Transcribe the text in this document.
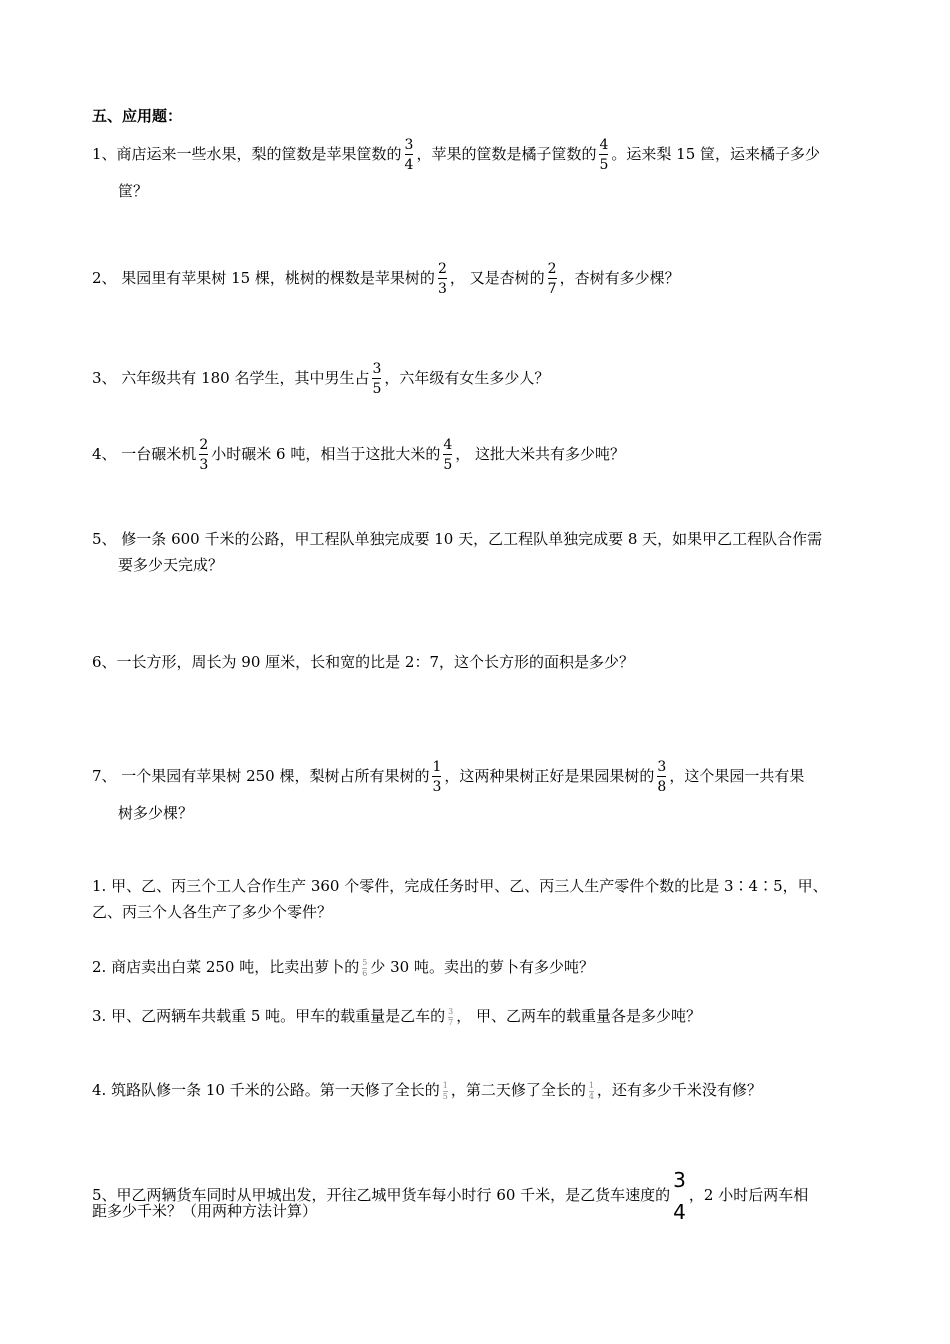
五、应用题：
1、商店运来一些水果，梨的筐数是苹果筐数的 $\frac{3}{4}$ ，苹果的筐数是橘子筐数的 $\frac{4}{5}$ 。运来梨 15 筐，运来橘子多少
筐？
2、 果园里有苹果树 15 棵，桃树的棵数是苹果树的 $\frac{2}{3}$ ， 又是杏树的 $\frac{2}{7}$ ，杏树有多少棵？
3、 六年级共有 180 名学生，其中男生占 $\frac{3}{5}$ ，六年级有女生多少人？
4、 一台碾米机 $\frac{2}{3}$ 小时碾米 6 吨，相当于这批大米的 $\frac{4}{5}$ ， 这批大米共有多少吨？
5、 修一条 600 千米的公路，甲工程队单独完成要 10 天，乙工程队单独完成要 8 天，如果甲乙工程队合作需
要多少天完成？
6、一长方形，周长为 90 厘米，长和宽的比是 2：7，这个长方形的面积是多少？
7、 一个果园有苹果树 250 棵，梨树占所有果树的 $\frac{1}{3}$ ，这两种果树正好是果园果树的 $\frac{3}{8}$ ，这个果园一共有果
树多少棵？
1. 甲、乙、丙三个工人合作生产 360 个零件，完成任务时甲、乙、丙三人生产零件个数的比是 3∶4∶5，甲、
乙、丙三个人各生产了多少个零件？
2. 商店卖出白菜 250 吨，比卖出萝卜的 $\frac{5}{6}$ 少 30 吨。卖出的萝卜有多少吨？
3. 甲、乙两辆车共载重 5 吨。甲车的载重量是乙车的 $\frac{3}{7}$ ， 甲、乙两车的载重量各是多少吨？
4. 筑路队修一条 10 千米的公路。第一天修了全长的 $\frac{1}{5}$ ，第二天修了全长的 $\frac{1}{4}$ ，还有多少千米没有修？
5、甲乙两辆货车同时从甲城出发，开往乙城甲货车每小时行 60 千米，是乙货车速度的
3
4
，2 小时后两车相
距多少千米？（用两种方法计算）
